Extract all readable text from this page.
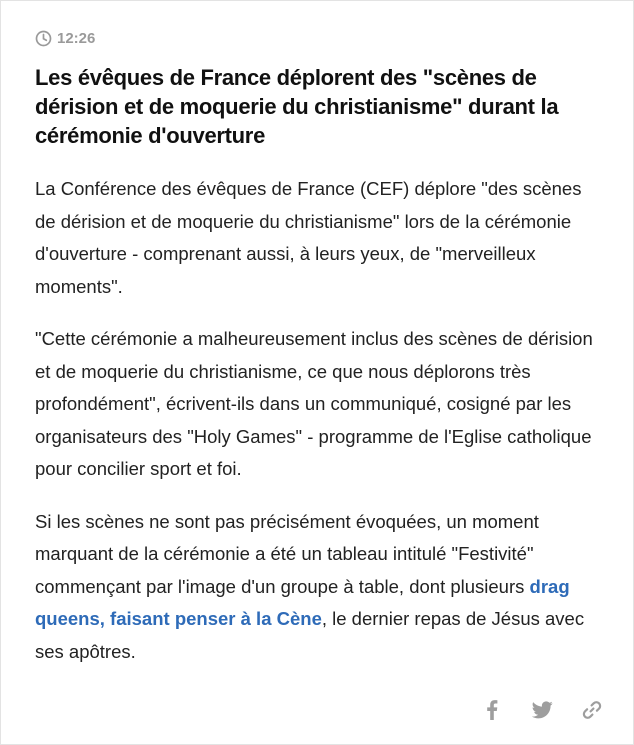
12:26
Les évêques de France déplorent des "scènes de dérision et de moquerie du christianisme" durant la cérémonie d'ouverture

La Conférence des évêques de France (CEF) déplore "des scènes de dérision et de moquerie du christianisme" lors de la cérémonie d'ouverture - comprenant aussi, à leurs yeux, de "merveilleux moments".

"Cette cérémonie a malheureusement inclus des scènes de dérision et de moquerie du christianisme, ce que nous déplorons très profondément", écrivent-ils dans un communiqué, cosigné par les organisateurs des "Holy Games" - programme de l'Eglise catholique pour concilier sport et foi.

Si les scènes ne sont pas précisément évoquées, un moment marquant de la cérémonie a été un tableau intitulé "Festivité" commençant par l'image d'un groupe à table, dont plusieurs drag queens, faisant penser à la Cène, le dernier repas de Jésus avec ses apôtres.
